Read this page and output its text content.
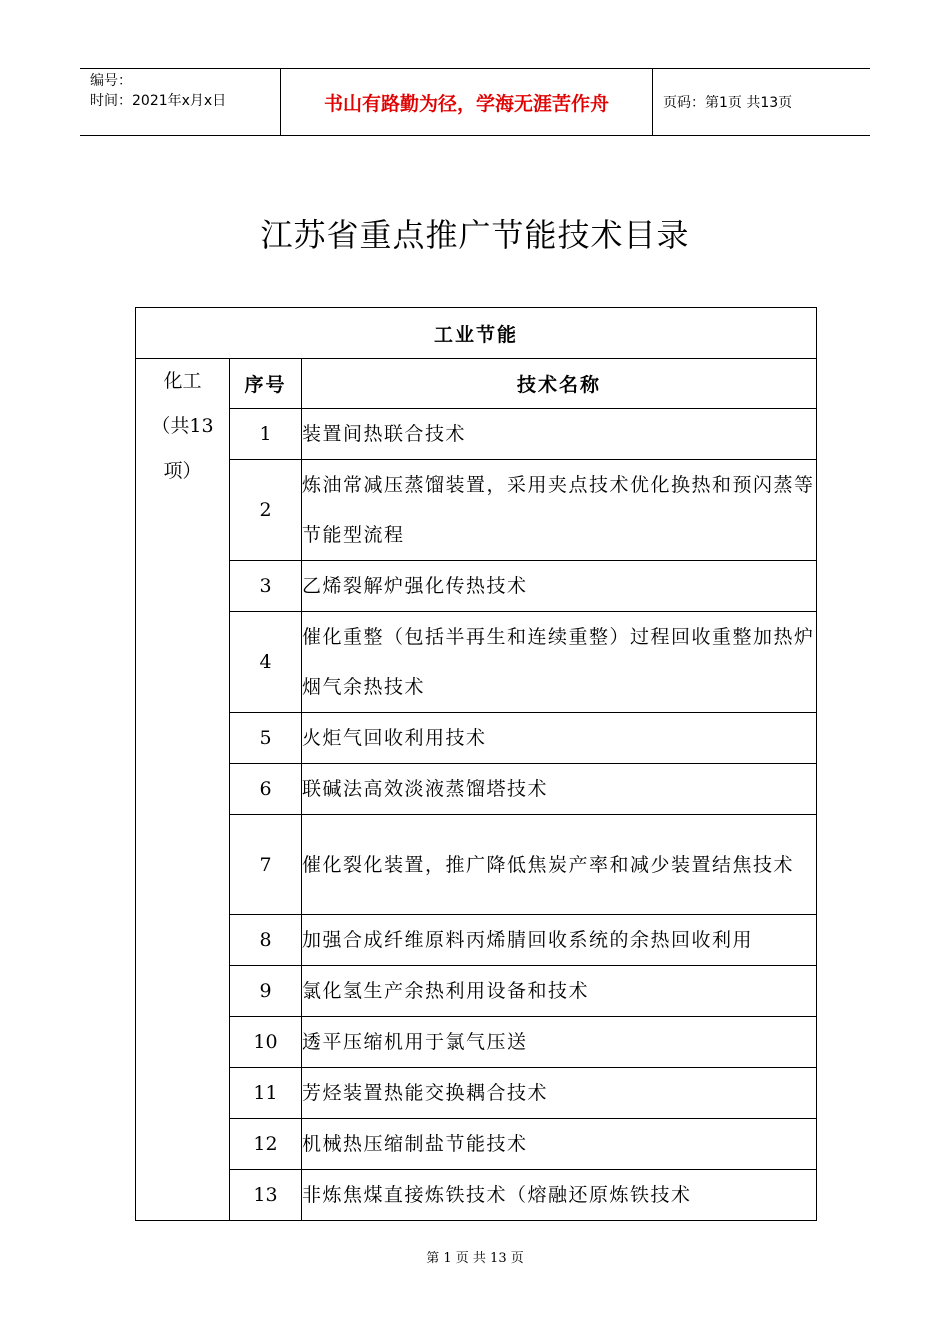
编号：
时间：2021年x月x日	书山有路勤为径，学海无涯苦作舟	页码：第1页 共13页
江苏省重点推广节能技术目录
工业节能		

化工
（共13
项）	序号	技术名称
	1	装置间热联合技术
	2	炼油常减压蒸馏装置，采用夹点技术优化换热和预闪蒸等节能型流程
	3	乙烯裂解炉强化传热技术
	4	催化重整（包括半再生和连续重整）过程回收重整加热炉烟气余热技术
	5	火炬气回收利用技术
	6	联碱法高效淡液蒸馏塔技术
	7	催化裂化装置，推广降低焦炭产率和减少装置结焦技术
	8	加强合成纤维原料丙烯腈回收系统的余热回收利用
	9	氯化氢生产余热利用设备和技术
	10	透平压缩机用于氯气压送
	11	芳烃装置热能交换耦合技术
	12	机械热压缩制盐节能技术
	13	非炼焦煤直接炼铁技术（熔融还原炼铁技术
第 1 页 共 13 页
